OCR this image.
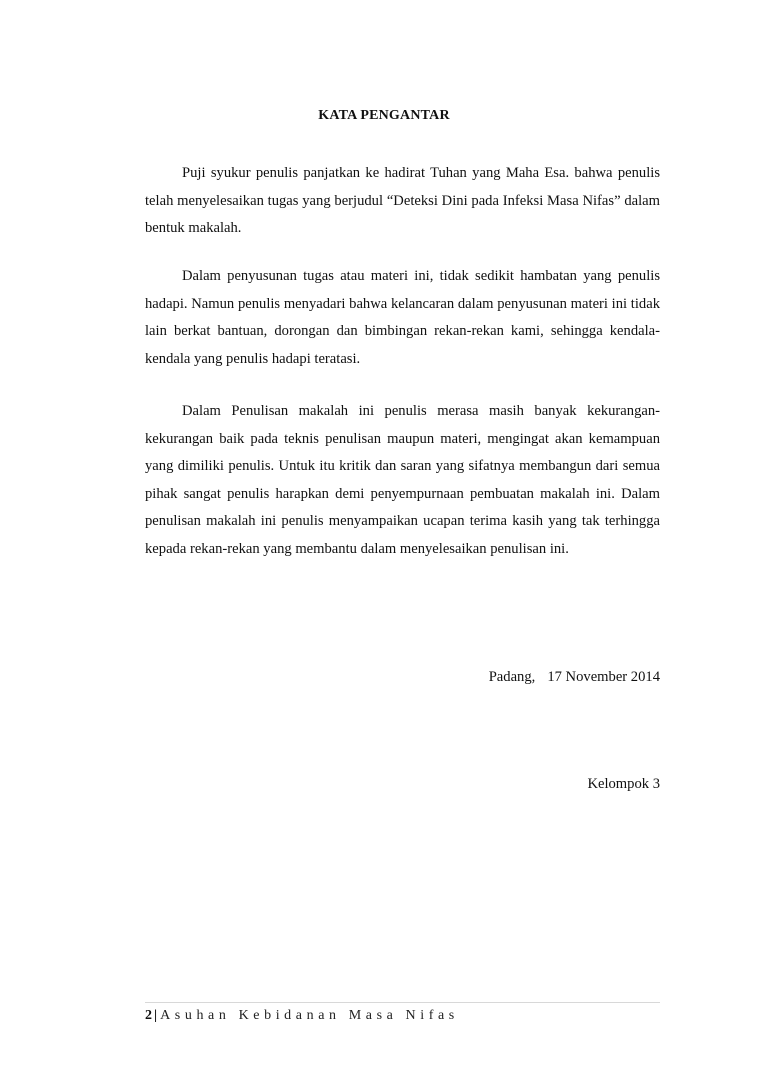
KATA PENGANTAR

Puji syukur penulis panjatkan ke hadirat Tuhan yang Maha Esa. bahwa penulis telah menyelesaikan tugas yang berjudul “Deteksi Dini pada Infeksi Masa Nifas” dalam bentuk makalah.

Dalam penyusunan tugas atau materi ini, tidak sedikit hambatan yang penulis hadapi. Namun penulis menyadari bahwa kelancaran dalam penyusunan materi ini tidak lain berkat bantuan, dorongan dan bimbingan rekan-rekan kami, sehingga kendala-kendala yang penulis hadapi teratasi.

Dalam Penulisan makalah ini penulis merasa masih banyak kekurangan-kekurangan baik pada teknis penulisan maupun materi, mengingat akan kemampuan yang dimiliki penulis. Untuk itu kritik dan saran yang sifatnya membangun dari semua pihak sangat penulis harapkan demi penyempurnaan pembuatan makalah ini. Dalam penulisan makalah ini penulis menyampaikan ucapan terima kasih yang tak terhingga kepada rekan-rekan yang membantu dalam menyelesaikan penulisan ini.

Padang, 17 November 2014
Kelompok 3
2 | Asuhan Kebidanan Masa Nifas
